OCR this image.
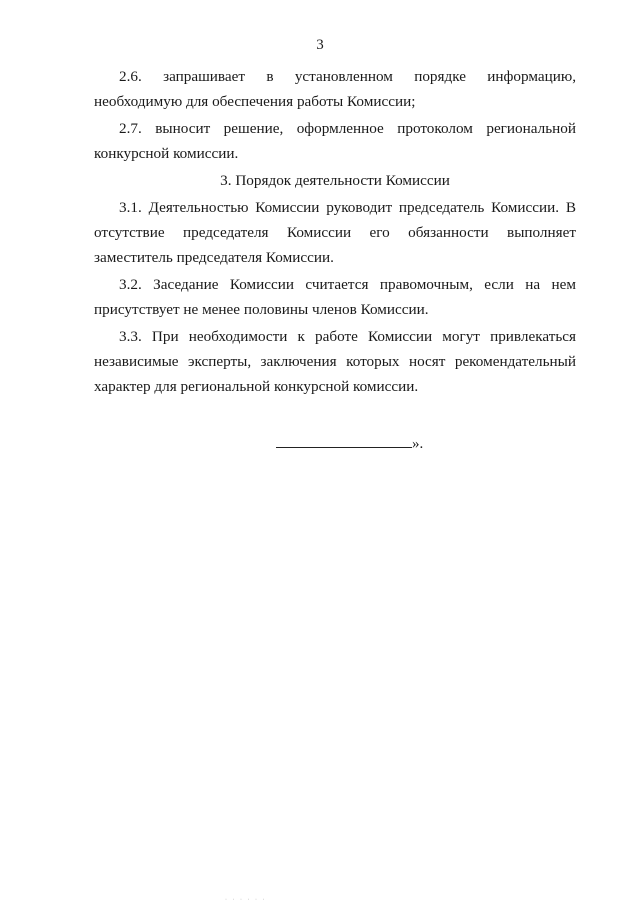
3

2.6. запрашивает в установленном порядке информацию,

необходимую для обеспечения работы Комиссии;

2.7. выносит решение, оформленное протоколом региональной конкурсной комиссии.

3. Порядок деятельности Комиссии

3.1. Деятельностью Комиссии руководит председатель Комиссии. В отсутствие председателя Комиссии его обязанности выполняет заместитель председателя Комиссии.

3.2. Заседание Комиссии считается правомочным, если на нем присутствует не менее половины членов Комиссии.

3.3. При необходимости к работе Комиссии могут привлекаться независимые эксперты, заключения которых носят рекомендательный характер для региональной конкурсной комиссии.

».
· · · · · ·
